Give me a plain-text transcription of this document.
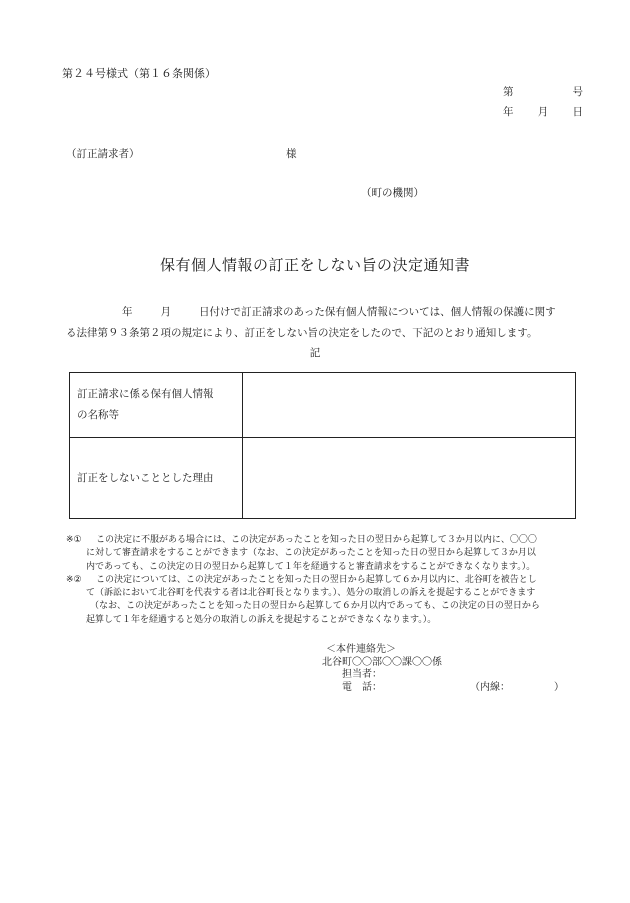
第２４号様式（第１６条関係）
第	号
年 月 日
（訂正請求者）	様
（町の機関）
保有個人情報の訂正をしない旨の決定通知書
年	月	日付けで訂正請求のあった保有個人情報については、個人情報の保護に関す
る法律第９３条第２項の規定により、訂正をしない旨の決定をしたので、下記のとおり通知します。
記
訂正請求に係る保有個人情報
の名称等	
訂正をしないこととした理由	
※①	この決定に不服がある場合には、この決定があったことを知った日の翌日から起算して３か月以内に、〇〇〇
に対して審査請求をすることができます（なお、この決定があったことを知った日の翌日から起算して３か月以
内であっても、この決定の日の翌日から起算して１年を経過すると審査請求をすることができなくなります。）。
※②	この決定については、この決定があったことを知った日の翌日から起算して６か月以内に、北谷町を被告とし
て（訴訟において北谷町を代表する者は北谷町長となります。）、処分の取消しの訴えを提起することができます
（なお、この決定があったことを知った日の翌日から起算して６か月以内であっても、この決定の日の翌日から
起算して１年を経過すると処分の取消しの訴えを提起することができなくなります。）。
＜本件連絡先＞
北谷町〇〇部〇〇課〇〇係
担当者：
電　話：	（内線：	）
